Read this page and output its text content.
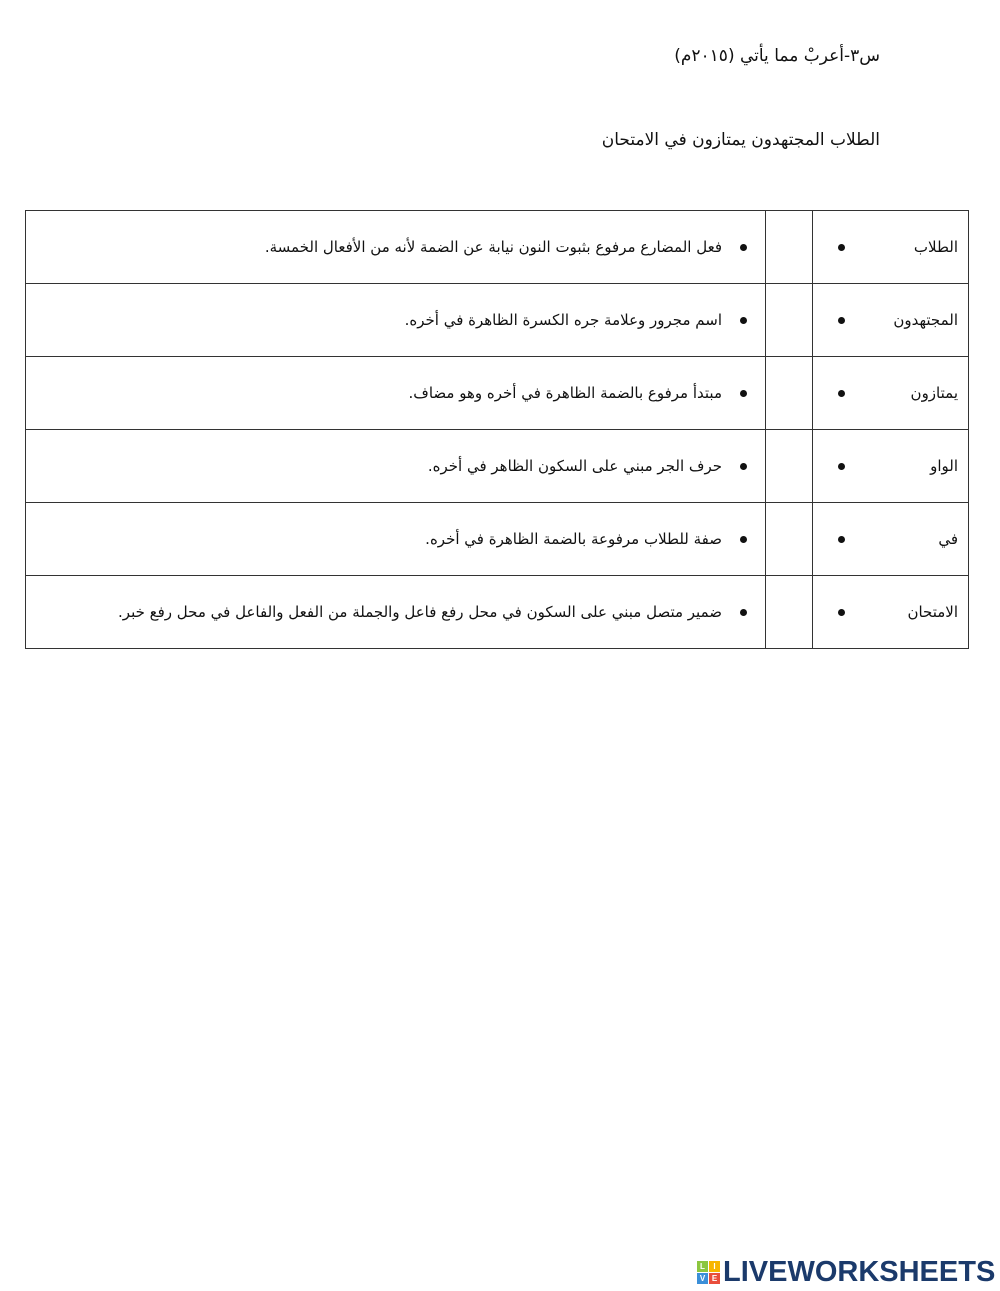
س٣-أعربْ مما يأتي (٢٠١٥م)
الطلاب المجتهدون يمتازون في الامتحان
الطلاب		فعل المضارع مرفوع بثبوت النون نيابة عن الضمة لأنه من الأفعال الخمسة.

المجتهدون		اسم مجرور وعلامة جره الكسرة الظاهرة في أخره.

يمتازون		مبتدأ مرفوع بالضمة الظاهرة في أخره وهو مضاف.

الواو		حرف الجر مبني على السكون الظاهر في أخره.

في		صفة للطلاب مرفوعة بالضمة الظاهرة في أخره.

الامتحان		ضمير متصل مبني على السكون في محل رفع فاعل والجملة من الفعل والفاعل في محل رفع خبر.
L	I
V E LIVEWORKSHEETS
